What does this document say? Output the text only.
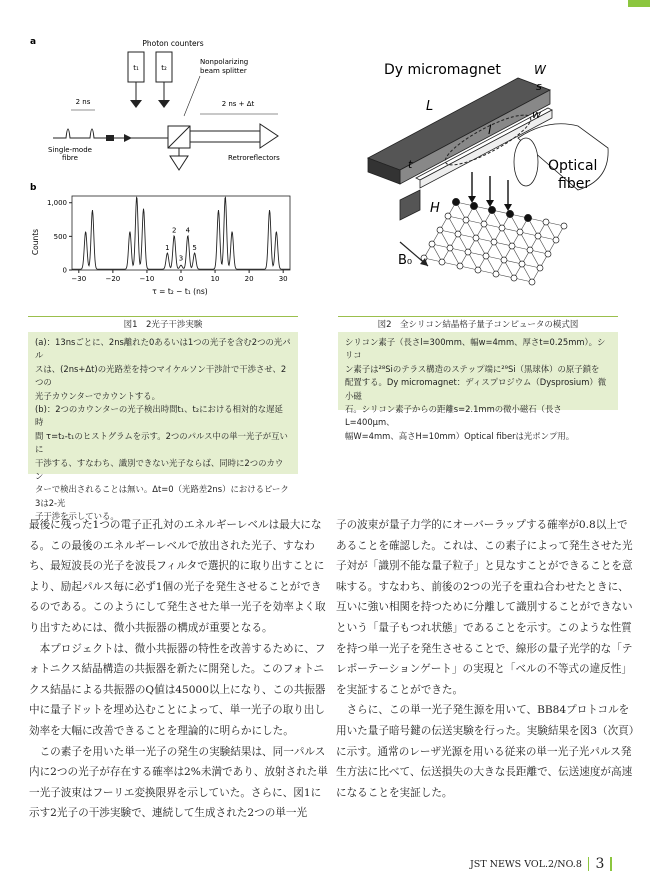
a	Photon counters
t₁	t₂
Nonpolarizing
beam splitter
2 ns
Single-mode
fibre
2 ns + Δt
Retroreflectors
b
Counts
τ = t₂ − t₁ (ns)
−30	−20	−10	0	10	20	30
0
500
1,000
1
2
3
4
5
Dy micromagnet	W
s
L
l
w
t
H
B₀
Optical
fiber
図1　2光子干渉実験

(a)：13nsごとに、2ns離れた0あるいは1つの光子を含む2つの光パル
スは、(2ns+Δt)の光路差を持つマイケルソン干渉計で干渉させ、2つの
光子カウンターでカウントする。
(b)：2つのカウンターの光子検出時間t₁、t₂における相対的な遅延時
間 τ=t₂-t₁のヒストグラムを示す。2つのパルス中の単一光子が互いに
干渉する、すなわち、識別できない光子ならば、同時に2つのカウン
ターで検出されることは無い。Δt=0（光路差2ns）におけるピーク3は2-光
子干渉を示している。

図2　全シリコン結晶格子量子コンピュータの模式図

シリコン素子（長さl=300mm、幅w=4mm、厚さt=0.25mm）。シリコ
ン素子は²⁸Siのテラス構造のステップ端に²⁹Si（黒球体）の原子鎖を
配置する。Dy micromagnet：ディスプロジウム（Dysprosium）微小磁
石。シリコン素子からの距離s=2.1mmの微小磁石（長さL=400μm、
幅W=4mm、高さH=10mm）Optical fiberは光ポンプ用。

最後に残った1つの電子正孔対のエネルギーレベルは最大になる。この最後のエネルギーレベルで放出された光子、すなわち、最短波長の光子を波長フィルタで選択的に取り出すことにより、励起パルス毎に必ず1個の光子を発生させることができるのである。このようにして発生させた単一光子を効率よく取り出すためには、微小共振器の構成が重要となる。

本プロジェクトは、微小共振器の特性を改善するために、フォトニクス結晶構造の共振器を新たに開発した。このフォトニクス結晶による共振器のQ値は45000以上になり、この共振器中に量子ドットを埋め込むことによって、単一光子の取り出し効率を大幅に改善できることを理論的に明らかにした。

この素子を用いた単一光子の発生の実験結果は、同一パルス内に2つの光子が存在する確率は2%未満であり、放射された単一光子波束はフーリエ変換限界を示していた。さらに、図1に示す2光子の干渉実験で、連続して生成された2つの単一光

子の波束が量子力学的にオーバーラップする確率が0.8以上であることを確認した。これは、この素子によって発生させた光子対が「識別不能な量子粒子」と見なすことができることを意味する。すなわち、前後の2つの光子を重ね合わせたときに、互いに強い相関を持つために分離して識別することができないという「量子もつれ状態」であることを示す。このような性質を持つ単一光子を発生させることで、線形の量子光学的な「テレポーテーションゲート」の実現と「ベルの不等式の違反性」を実証することができた。

さらに、この単一光子発生源を用いて、BB84プロトコルを用いた量子暗号鍵の伝送実験を行った。実験結果を図3（次頁）に示す。通常のレーザ光源を用いる従来の単一光子光パルス発生方法に比べて、伝送損失の大きな長距離で、伝送速度が高速になることを実証した。

JST NEWS VOL.2/NO.8 3
